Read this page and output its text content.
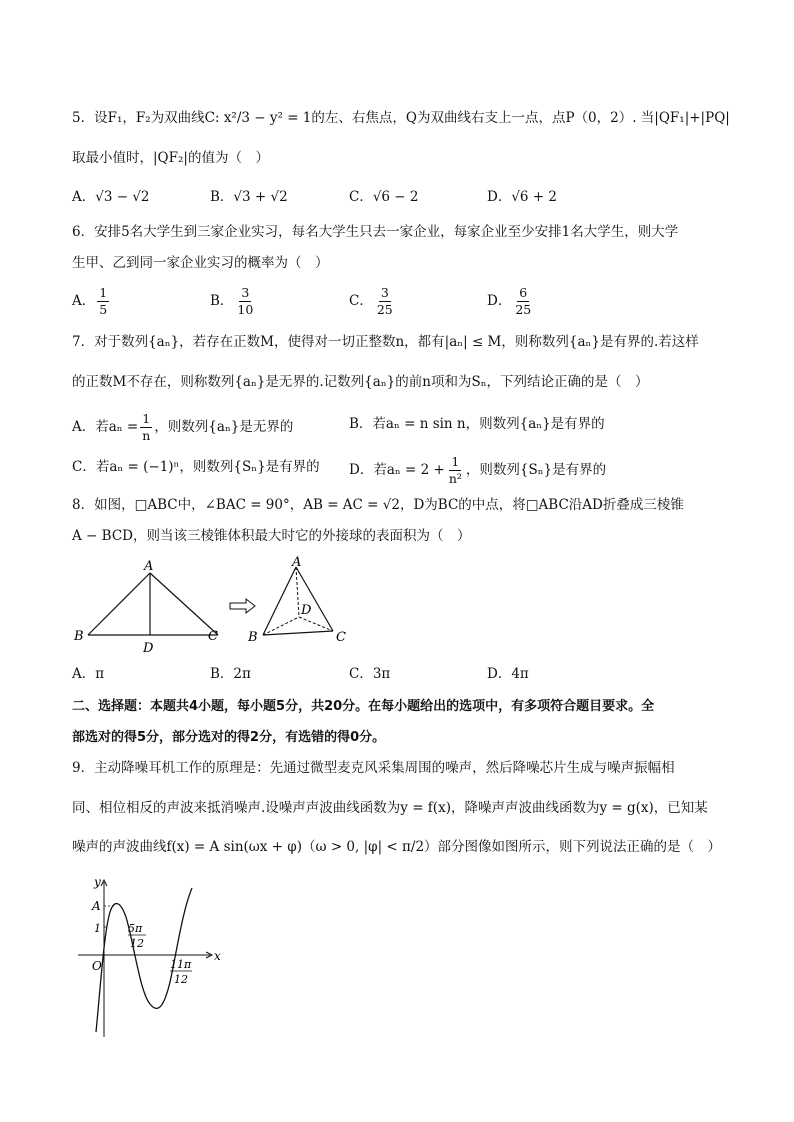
5．设F₁，F₂为双曲线C: x²/3 − y² = 1的左、右焦点，Q为双曲线右支上一点，点P（0，2）. 当|QF₁|+|PQ|
取最小值时，|QF₂|的值为（　）
A．√3 − √2	B．√3 + √2	C．√6 − 2	D．√6 + 2
6．安排5名大学生到三家企业实习，每名大学生只去一家企业，每家企业至少安排1名大学生，则大学
生甲、乙到同一家企业实习的概率为（　）
A． $\frac{1}{5}$	B． $\frac{3}{10}$	C． $\frac{3}{25}$	D． $\frac{6}{25}$
7．对于数列{aₙ}，若存在正数M，使得对一切正整数n，都有|aₙ| ≤ M，则称数列{aₙ}是有界的.若这样
的正数M不存在，则称数列{aₙ}是无界的.记数列{aₙ}的前n项和为Sₙ，下列结论正确的是（　）
A．若$a_n = \frac{1}{n}$ ，则数列{aₙ}是无界的	B．若aₙ = n sin n，则数列{aₙ}是有界的
C．若aₙ = (−1)ⁿ，则数列{Sₙ}是有界的 D．若$a_n = 2 + \frac{1}{\text{n²}}$ ，则数列{Sₙ}是有界的
8．如图，□ABC中，∠BAC = 90°，AB = AC = √2，D为BC的中点，将□ABC沿AD折叠成三棱锥
A − BCD，则当该三棱锥体积最大时它的外接球的表面积为（　）
A
B	C
D
A
B	C
D
A．π	B．2π	C．3π	D．4π
二、选择题：本题共4小题，每小题5分，共20分。在每小题给出的选项中，有多项符合题目要求。全
部选对的得5分，部分选对的得2分，有选错的得0分。
9．主动降噪耳机工作的原理是：先通过微型麦克风采集周围的噪声，然后降噪芯片生成与噪声振幅相
同、相位相反的声波来抵消噪声.设噪声声波曲线函数为y = f(x)，降噪声声波曲线函数为y = g(x)，已知某
噪声的声波曲线f(x) = A sin(ωx + φ)（ω > 0, |φ| < π/2）部分图像如图所示，则下列说法正确的是（　）
y
x
O
A
1 5π
12
11π
12
